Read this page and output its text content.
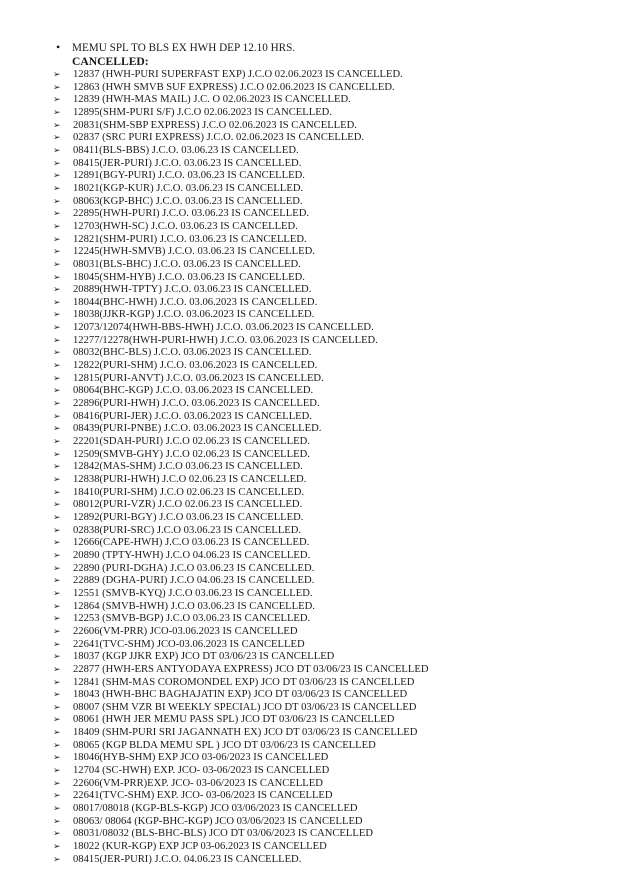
• MEMU SPL TO BLS EX HWH DEP 12.10 HRS.
CANCELLED:
➢	12837 (HWH-PURI SUPERFAST EXP) J.C.O 02.06.2023 IS CANCELLED.
➢	12863 (HWH SMVB SUF EXPRESS) J.C.O 02.06.2023 IS CANCELLED.
➢	12839 (HWH-MAS MAIL) J.C. O 02.06.2023 IS CANCELLED.
➢	12895(SHM-PURI S/F) J.C.O 02.06.2023 IS CANCELLED.
➢	20831(SHM-SBP EXPRESS) J.C.O 02.06.2023 IS CANCELLED.
➢	02837 (SRC PURI EXPRESS) J.C.O. 02.06.2023 IS CANCELLED.
➢	08411(BLS-BBS) J.C.O. 03.06.23 IS CANCELLED.
➢	08415(JER-PURI) J.C.O. 03.06.23 IS CANCELLED.
➢	12891(BGY-PURI) J.C.O. 03.06.23 IS CANCELLED.
➢	18021(KGP-KUR) J.C.O. 03.06.23 IS CANCELLED.
➢	08063(KGP-BHC) J.C.O. 03.06.23 IS CANCELLED.
➢	22895(HWH-PURI) J.C.O. 03.06.23 IS CANCELLED.
➢	12703(HWH-SC) J.C.O. 03.06.23 IS CANCELLED.
➢	12821(SHM-PURI) J.C.O. 03.06.23 IS CANCELLED.
➢	12245(HWH-SMVB) J.C.O. 03.06.23 IS CANCELLED.
➢	08031(BLS-BHC) J.C.O. 03.06.23 IS CANCELLED.
➢	18045(SHM-HYB) J.C.O. 03.06.23 IS CANCELLED.
➢	20889(HWH-TPTY) J.C.O. 03.06.23 IS CANCELLED.
➢	18044(BHC-HWH) J.C.O. 03.06.2023 IS CANCELLED.
➢	18038(JJKR-KGP) J.C.O. 03.06.2023 IS CANCELLED.
➢	12073/12074(HWH-BBS-HWH) J.C.O. 03.06.2023 IS CANCELLED.
➢	12277/12278(HWH-PURI-HWH) J.C.O. 03.06.2023 IS CANCELLED.
➢	08032(BHC-BLS) J.C.O. 03.06.2023 IS CANCELLED.
➢	12822(PURI-SHM) J.C.O. 03.06.2023 IS CANCELLED.
➢	12815(PURI-ANVT) J.C.O. 03.06.2023 IS CANCELLED.
➢	08064(BHC-KGP) J.C.O. 03.06.2023 IS CANCELLED.
➢	22896(PURI-HWH) J.C.O. 03.06.2023 IS CANCELLED.
➢	08416(PURI-JER) J.C.O. 03.06.2023 IS CANCELLED.
➢	08439(PURI-PNBE) J.C.O. 03.06.2023 IS CANCELLED.
➢	22201(SDAH-PURI) J.C.O 02.06.23 IS CANCELLED.
➢	12509(SMVB-GHY) J.C.O 02.06.23 IS CANCELLED.
➢	12842(MAS-SHM) J.C.O 03.06.23 IS CANCELLED.
➢	12838(PURI-HWH) J.C.O 02.06.23 IS CANCELLED.
➢	18410(PURI-SHM) J.C.O 02.06.23 IS CANCELLED.
➢	08012(PURI-VZR) J.C.O 02.06.23 IS CANCELLED.
➢	12892(PURI-BGY) J.C.O 03.06.23 IS CANCELLED.
➢	02838(PURI-SRC) J.C.O 03.06.23 IS CANCELLED.
➢	12666(CAPE-HWH) J.C.O 03.06.23 IS CANCELLED.
➢	20890 (TPTY-HWH) J.C.O 04.06.23 IS CANCELLED.
➢	22890 (PURI-DGHA) J.C.O 03.06.23 IS CANCELLED.
➢	22889 (DGHA-PURI) J.C.O 04.06.23 IS CANCELLED.
➢	12551 (SMVB-KYQ) J.C.O 03.06.23 IS CANCELLED.
➢	12864 (SMVB-HWH) J.C.O 03.06.23 IS CANCELLED.
➢	12253 (SMVB-BGP) J.C.O 03.06.23 IS CANCELLED.
➢	22606(VM-PRR) JCO-03.06.2023 IS CANCELLED
➢	22641(TVC-SHM) JCO-03.06.2023 IS CANCELLED
➢	18037 (KGP JJKR EXP) JCO DT 03/06/23 IS CANCELLED
➢	22877 (HWH-ERS ANTYODAYA EXPRESS) JCO DT 03/06/23 IS CANCELLED
➢	12841 (SHM-MAS COROMONDEL EXP) JCO DT 03/06/23 IS CANCELLED
➢	18043 (HWH-BHC BAGHAJATIN EXP) JCO DT 03/06/23 IS CANCELLED
➢	08007 (SHM VZR BI WEEKLY SPECIAL) JCO DT 03/06/23 IS CANCELLED
➢	08061 (HWH JER MEMU PASS SPL) JCO DT 03/06/23 IS CANCELLED
➢	18409 (SHM-PURI SRI JAGANNATH EX) JCO DT 03/06/23 IS CANCELLED
➢	08065 (KGP BLDA MEMU SPL ) JCO DT 03/06/23 IS CANCELLED
➢	18046(HYB-SHM) EXP JCO 03-06/2023 IS CANCELLED
➢	12704 (SC-HWH) EXP. JCO- 03-06/2023 IS CANCELLED
➢	22606(VM-PRR)EXP. JCO- 03-06/2023 IS CANCELLED
➢	22641(TVC-SHM) EXP. JCO- 03-06/2023 IS CANCELLED
➢	08017/08018 (KGP-BLS-KGP) JCO 03/06/2023 IS CANCELLED
➢	08063/ 08064 (KGP-BHC-KGP) JCO 03/06/2023 IS CANCELLED
➢	08031/08032 (BLS-BHC-BLS) JCO DT 03/06/2023 IS CANCELLED
➢	18022 (KUR-KGP) EXP JCP 03-06.2023 IS CANCELLED
➢	08415(JER-PURI) J.C.O. 04.06.23 IS CANCELLED.
